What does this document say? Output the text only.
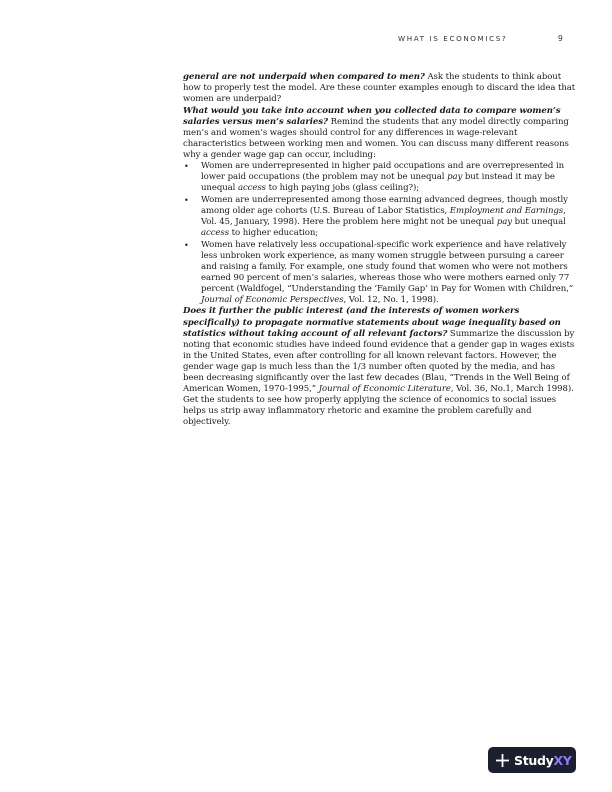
WHAT IS ECONOMICS?	9

general are not underpaid when compared to men? Ask the students to think about how to properly test the model. Are these counter examples enough to discard the idea that women are underpaid?

What would you take into account when you collected data to compare women’s salaries versus men’s salaries? Remind the students that any model directly comparing men’s and women’s wages should control for any differences in wage-relevant characteristics between working men and women. You can discuss many different reasons why a gender wage gap can occur, including:

• Women are underrepresented in higher paid occupations and are overrepresented in lower paid occupations (the problem may not be unequal pay but instead it may be unequal access to high paying jobs (glass ceiling?);
• Women are underrepresented among those earning advanced degrees, though mostly among older age cohorts (U.S. Bureau of Labor Statistics, Employment and Earnings, Vol. 45, January, 1998). Here the problem here might not be unequal pay but unequal access to higher education;
• Women have relatively less occupational-specific work experience and have relatively less unbroken work experience, as many women struggle between pursuing a career and raising a family. For example, one study found that women who were not mothers earned 90 percent of men’s salaries, whereas those who were mothers earned only 77 percent (Waldfogel, “Understanding the ‘Family Gap’ in Pay for Women with Children,” Journal of Economic Perspectives, Vol. 12, No. 1, 1998).

Does it further the public interest (and the interests of women workers specifically) to propagate normative statements about wage inequality based on statistics without taking account of all relevant factors? Summarize the discussion by noting that economic studies have indeed found evidence that a gender gap in wages exists in the United States, even after controlling for all known relevant factors. However, the gender wage gap is much less than the 1/3 number often quoted by the media, and has been decreasing significantly over the last few decades (Blau, “Trends in the Well Being of American Women, 1970-1995,” Journal of Economic Literature, Vol. 36, No.1, March 1998). Get the students to see how properly applying the science of economics to social issues helps us strip away inflammatory rhetoric and examine the problem carefully and objectively.

StudyXY
